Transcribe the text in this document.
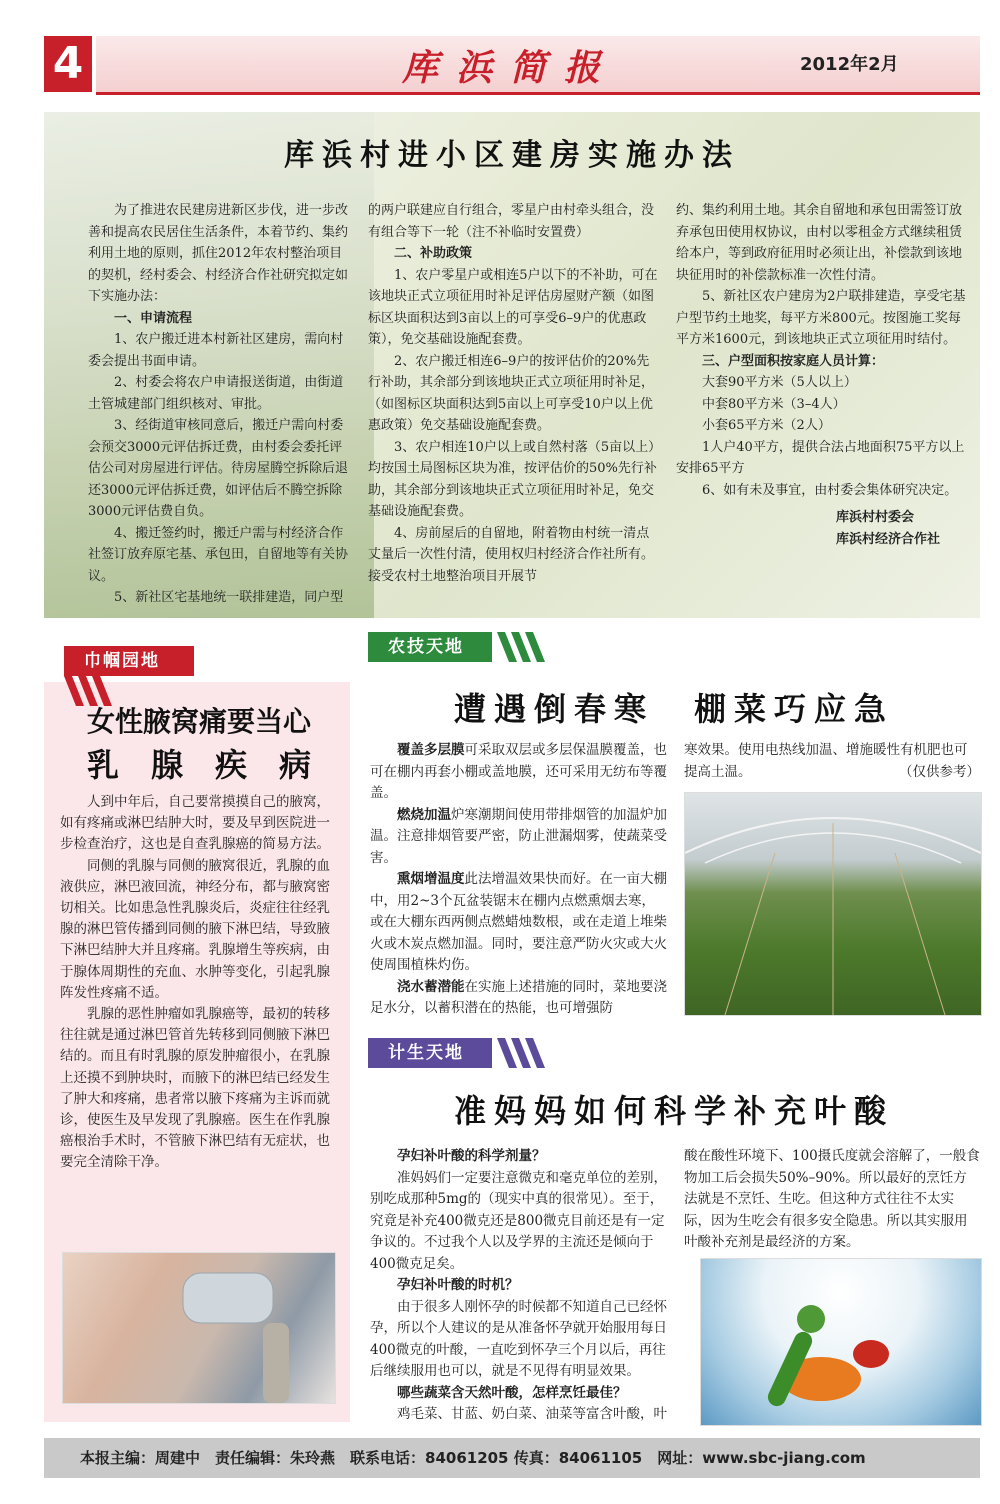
4	库浜简报	2012年2月
库浜村进小区建房实施办法

为了推进农民建房进新区步伐，进一步改善和提高农民居住生活条件，本着节约、集约利用土地的原则，抓住2012年农村整治项目的契机，经村委会、村经济合作社研究拟定如下实施办法：

一、申请流程

1、农户搬迁进本村新社区建房，需向村委会提出书面申请。

2、村委会将农户申请报送街道，由街道土管城建部门组织核对、审批。

3、经街道审核同意后，搬迁户需向村委会预交3000元评估拆迁费，由村委会委托评估公司对房屋进行评估。待房屋腾空拆除后退还3000元评估拆迁费，如评估后不腾空拆除3000元评估费自负。

4、搬迁签约时，搬迁户需与村经济合作社签订放弃原宅基、承包田，自留地等有关协议。

5、新社区宅基地统一联排建造，同户型

的两户联建应自行组合，零星户由村牵头组合，没有组合等下一轮（注不补临时安置费）

二、补助政策

1、农户零星户或相连5户以下的不补助，可在该地块正式立项征用时补足评估房屋财产额（如图标区块面积达到3亩以上的可享受6–9户的优惠政策），免交基础设施配套费。

2、农户搬迁相连6–9户的按评估价的20%先行补助，其余部分到该地块正式立项征用时补足，（如图标区块面积达到5亩以上可享受10户以上优惠政策）免交基础设施配套费。

3、农户相连10户以上或自然村落（5亩以上）均按国土局图标区块为准，按评估价的50%先行补助，其余部分到该地块正式立项征用时补足，免交基础设施配套费。

4、房前屋后的自留地，附着物由村统一清点丈量后一次性付清，使用权归村经济合作社所有。接受农村土地整治项目开展节

约、集约利用土地。其余自留地和承包田需签订放弃承包田使用权协议，由村以零租金方式继续租赁给本户，等到政府征用时必须让出，补偿款到该地块征用时的补偿款标准一次性付清。

5、新社区农户建房为2户联排建造，享受宅基户型节约土地奖，每平方米800元。按图施工奖每平方米1600元，到该地块正式立项征用时结付。

三、户型面积按家庭人员计算：

大套90平方米（5人以上）

中套80平方米（3–4人）

小套65平方米（2人）

1人户40平方，提供合法占地面积75平方以上安排65平方

6、如有未及事宜，由村委会集体研究决定。

库浜村村委会

库浜村经济合作社

巾帼园地
女性腋窝痛要当心
乳　腺　疾　病

人到中年后，自己要常摸摸自己的腋窝，如有疼痛或淋巴结肿大时，要及早到医院进一步检查治疗，这也是自查乳腺癌的简易方法。

同侧的乳腺与同侧的腋窝很近，乳腺的血液供应，淋巴液回流，神经分布，都与腋窝密切相关。比如患急性乳腺炎后，炎症往往经乳腺的淋巴管传播到同侧的腋下淋巴结，导致腋下淋巴结肿大并且疼痛。乳腺增生等疾病，由于腺体周期性的充血、水肿等变化，引起乳腺阵发性疼痛不适。

乳腺的恶性肿瘤如乳腺癌等，最初的转移往往就是通过淋巴管首先转移到同侧腋下淋巴结的。而且有时乳腺的原发肿瘤很小，在乳腺上还摸不到肿块时，而腋下的淋巴结已经发生了肿大和疼痛，患者常以腋下疼痛为主诉而就诊，使医生及早发现了乳腺癌。医生在作乳腺癌根治手术时，不管腋下淋巴结有无症状，也要完全清除干净。

农技天地
遭遇倒春寒　棚菜巧应急

覆盖多层膜可采取双层或多层保温膜覆盖，也可在棚内再套小棚或盖地膜，还可采用无纺布等覆盖。

燃烧加温炉寒潮期间使用带排烟管的加温炉加温。注意排烟管要严密，防止泄漏烟雾，使蔬菜受害。

熏烟增温度此法增温效果快而好。在一亩大棚中，用2~3个瓦盆装锯末在棚内点燃熏烟去寒，或在大棚东西两侧点燃蜡烛数根，或在走道上堆柴火或木炭点燃加温。同时，要注意严防火灾或大火使周围植株灼伤。

浇水蓄潜能在实施上述措施的同时，菜地要浇足水分，以蓄积潜在的热能，也可增强防

寒效果。使用电热线加温、增施暖性有机肥也可提高土温。	（仅供参考）
计生天地
准妈妈如何科学补充叶酸

孕妇补叶酸的科学剂量？

准妈妈们一定要注意微克和毫克单位的差别，别吃成那种5mg的（现实中真的很常见）。至于，究竟是补充400微克还是800微克目前还是有一定争议的。不过我个人以及学界的主流还是倾向于400微克足矣。

孕妇补叶酸的时机？

由于很多人刚怀孕的时候都不知道自己已经怀孕，所以个人建议的是从准备怀孕就开始服用每日400微克的叶酸，一直吃到怀孕三个月以后，再往后继续服用也可以，就是不见得有明显效果。

哪些蔬菜含天然叶酸，怎样烹饪最佳？

鸡毛菜、甘蓝、奶白菜、油菜等富含叶酸，叶

酸在酸性环境下、100摄氏度就会溶解了，一般食物加工后会损失50%–90%。所以最好的烹饪方法就是不烹饪、生吃。但这种方式往往不太实际，因为生吃会有很多安全隐患。所以其实服用叶酸补充剂是最经济的方案。
本报主编：周建中　责任编辑：朱玲燕　联系电话：84061205 传真：84061105　网址：www.sbc-jiang.com
